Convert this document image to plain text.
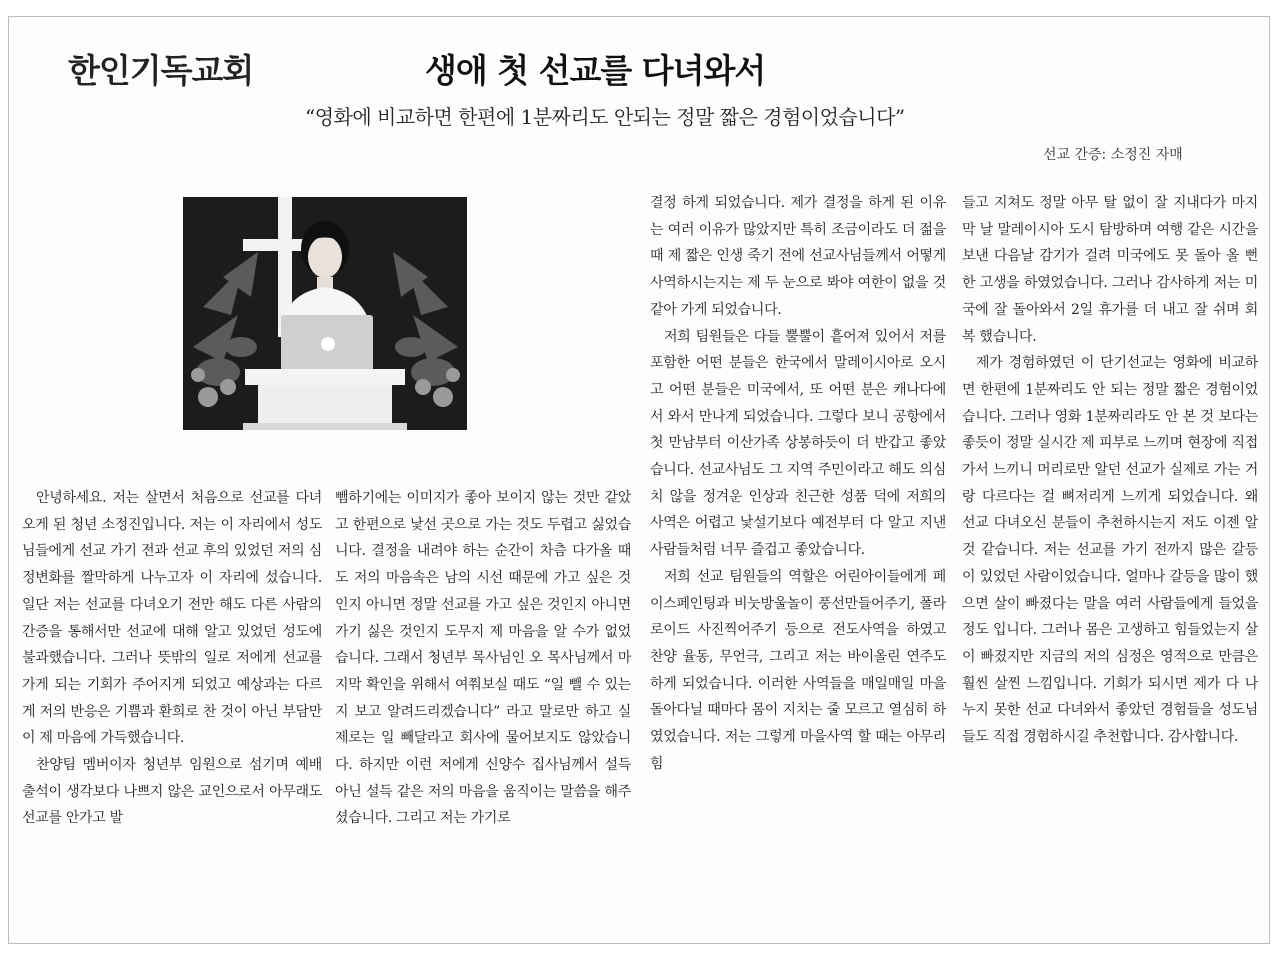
한인기독교회	생애 첫 선교를 다녀와서
“영화에 비교하면 한편에 1분짜리도 안되는 정말 짧은 경험이었습니다”
선교 간증: 소정진 자매

안녕하세요. 저는 살면서 처음으로 선교를 다녀오게 된 청년 소정진입니다. 저는 이 자리에서 성도님들에게 선교 가기 전과 선교 후의 있었던 저의 심정변화를 짤막하게 나누고자 이 자리에 섰습니다. 일단 저는 선교를 다녀오기 전만 해도 다른 사람의 간증을 통해서만 선교에 대해 알고 있었던 성도에 불과했습니다. 그러나 뜻밖의 일로 저에게 선교를 가게 되는 기회가 주어지게 되었고 예상과는 다르게 저의 반응은 기쁨과 환희로 찬 것이 아닌 부담만이 제 마음에 가득했습니다.

찬양팀 멤버이자 청년부 임원으로 섬기며 예배 출석이 생각보다 나쁘지 않은 교인으로서 아무래도 선교를 안가고 발

뺌하기에는 이미지가 좋아 보이지 않는 것만 같았고 한편으로 낯선 곳으로 가는 것도 두렵고 싫었습니다. 결정을 내려야 하는 순간이 차츰 다가올 때도 저의 마음속은 남의 시선 때문에 가고 싶은 것인지 아니면 정말 선교를 가고 싶은 것인지 아니면 가기 싫은 것인지 도무지 제 마음을 알 수가 없었습니다. 그래서 청년부 목사님인 오 목사님께서 마지막 확인을 위해서 여쭤보실 때도 “일 뺄 수 있는지 보고 알려드리겠습니다” 라고 말로만 하고 실제로는 일 빼달라고 회사에 물어보지도 않았습니다. 하지만 이런 저에게 신양수 집사님께서 설득 아닌 설득 같은 저의 마음을 움직이는 말씀을 해주셨습니다. 그리고 저는 가기로

결정 하게 되었습니다. 제가 결정을 하게 된 이유는 여러 이유가 많았지만 특히 조금이라도 더 젊을 때 제 짧은 인생 죽기 전에 선교사님들께서 어떻게 사역하시는지는 제 두 눈으로 봐야 여한이 없을 것 같아 가게 되었습니다.

저희 팀원들은 다들 뿔뿔이 흩어져 있어서 저를 포함한 어떤 분들은 한국에서 말레이시아로 오시고 어떤 분들은 미국에서, 또 어떤 분은 캐나다에서 와서 만나게 되었습니다. 그렇다 보니 공항에서 첫 만남부터 이산가족 상봉하듯이 더 반갑고 좋았습니다. 선교사님도 그 지역 주민이라고 해도 의심치 않을 정겨운 인상과 친근한 성품 덕에 저희의 사역은 어렵고 낯설기보다 예전부터 다 알고 지낸 사람들처럼 너무 즐겁고 좋았습니다.

저희 선교 팀원들의 역할은 어린아이들에게 페이스페인팅과 비눗방울놀이 풍선만들어주기, 폴라로이드 사진찍어주기 등으로 전도사역을 하였고 찬양 율동, 무언극, 그리고 저는 바이올린 연주도 하게 되었습니다. 이러한 사역들을 매일매일 마을 돌아다닐 때마다 몸이 지치는 줄 모르고 열심히 하였었습니다. 저는 그렇게 마을사역 할 때는 아무리 힘

들고 지쳐도 정말 아무 탈 없이 잘 지내다가 마지막 날 말레이시아 도시 탐방하며 여행 같은 시간을 보낸 다음날 감기가 걸려 미국에도 못 돌아 올 뻔한 고생을 하였었습니다. 그러나 감사하게 저는 미국에 잘 돌아와서 2일 휴가를 더 내고 잘 쉬며 회복 했습니다.

제가 경험하였던 이 단기선교는 영화에 비교하면 한편에 1분짜리도 안 되는 정말 짧은 경험이었습니다. 그러나 영화 1분짜리라도 안 본 것 보다는 좋듯이 정말 실시간 제 피부로 느끼며 현장에 직접 가서 느끼니 머리로만 알던 선교가 실제로 가는 거랑 다르다는 걸 뼈저리게 느끼게 되었습니다. 왜 선교 다녀오신 분들이 추천하시는지 저도 이젠 알 것 같습니다. 저는 선교를 가기 전까지 많은 갈등이 있었던 사람이었습니다. 얼마나 갈등을 많이 했으면 살이 빠졌다는 말을 여러 사람들에게 들었을 정도 입니다. 그러나 몸은 고생하고 힘들었는지 살이 빠졌지만 지금의 저의 심정은 영적으로 만큼은 훨씬 살찐 느낌입니다. 기회가 되시면 제가 다 나누지 못한 선교 다녀와서 좋았던 경험들을 성도님들도 직접 경험하시길 추천합니다. 감사합니다.
